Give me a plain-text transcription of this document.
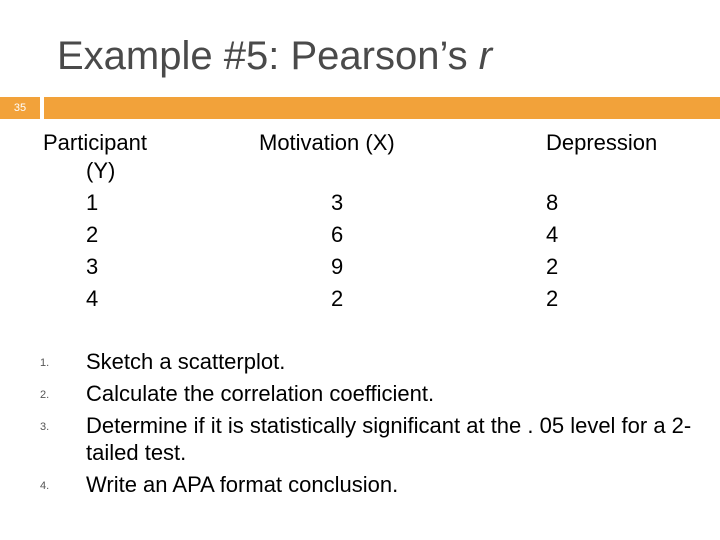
Example #5: Pearson’s r
35
Participant
(Y)
Motivation (X)	Depression
1
2
3
4
3
6
9
2
8
4
2
2
1. Sketch a scatterplot.
2. Calculate the correlation coefficient.
3. Determine if it is statistically significant at the . 05 level for a 2-tailed test.
4. Write an APA format conclusion.
